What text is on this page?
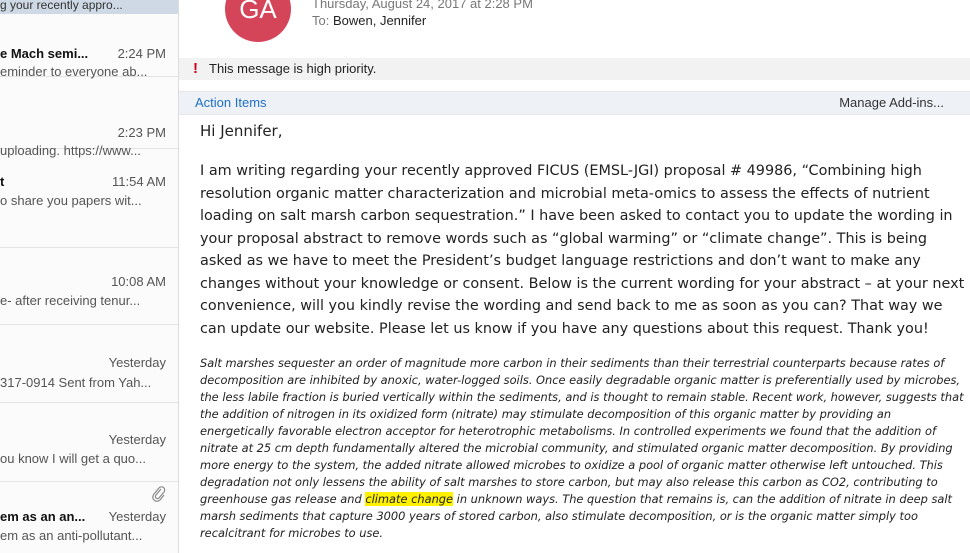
g your recently appro...
e Mach semi... 2:24 PM
eminder to everyone ab...
2:23 PM
uploading. https://www...
t	11:54 AM
o share you papers wit...
10:08 AM
e- after receiving tenur...
Yesterday
317-0914 Sent from Yah...
Yesterday
ou know I will get a quo...
em as an an... Yesterday
em as an anti-pollutant...
GA	Thursday, August 24, 2017 at 2:28 PM
To: Bowen, Jennifer
! This message is high priority.
Action Items	Manage Add-ins...

Hi Jennifer,

I am writing regarding your recently approved FICUS (EMSL-JGI) proposal # 49986, “Combining high resolution organic matter characterization and microbial meta-omics to assess the effects of nutrient loading on salt marsh carbon sequestration.” I have been asked to contact you to update the wording in your proposal abstract to remove words such as “global warming” or “climate change”. This is being asked as we have to meet the President’s budget language restrictions and don’t want to make any changes without your knowledge or consent. Below is the current wording for your abstract – at your next convenience, will you kindly revise the wording and send back to me as soon as you can? That way we can update our website. Please let us know if you have any questions about this request. Thank you!

Salt marshes sequester an order of magnitude more carbon in their sediments than their terrestrial counterparts because rates of decomposition are inhibited by anoxic, water-logged soils. Once easily degradable organic matter is preferentially used by microbes, the less labile fraction is buried vertically within the sediments, and is thought to remain stable. Recent work, however, suggests that the addition of nitrogen in its oxidized form (nitrate) may stimulate decomposition of this organic matter by providing an energetically favorable electron acceptor for heterotrophic metabolisms. In controlled experiments we found that the addition of nitrate at 25 cm depth fundamentally altered the microbial community, and stimulated organic matter decomposition. By providing more energy to the system, the added nitrate allowed microbes to oxidize a pool of organic matter otherwise left untouched. This degradation not only lessens the ability of salt marshes to store carbon, but may also release this carbon as CO2, contributing to greenhouse gas release and climate change in unknown ways. The question that remains is, can the addition of nitrate in deep salt marsh sediments that capture 3000 years of stored carbon, also stimulate decomposition, or is the organic matter simply too recalcitrant for microbes to use.
